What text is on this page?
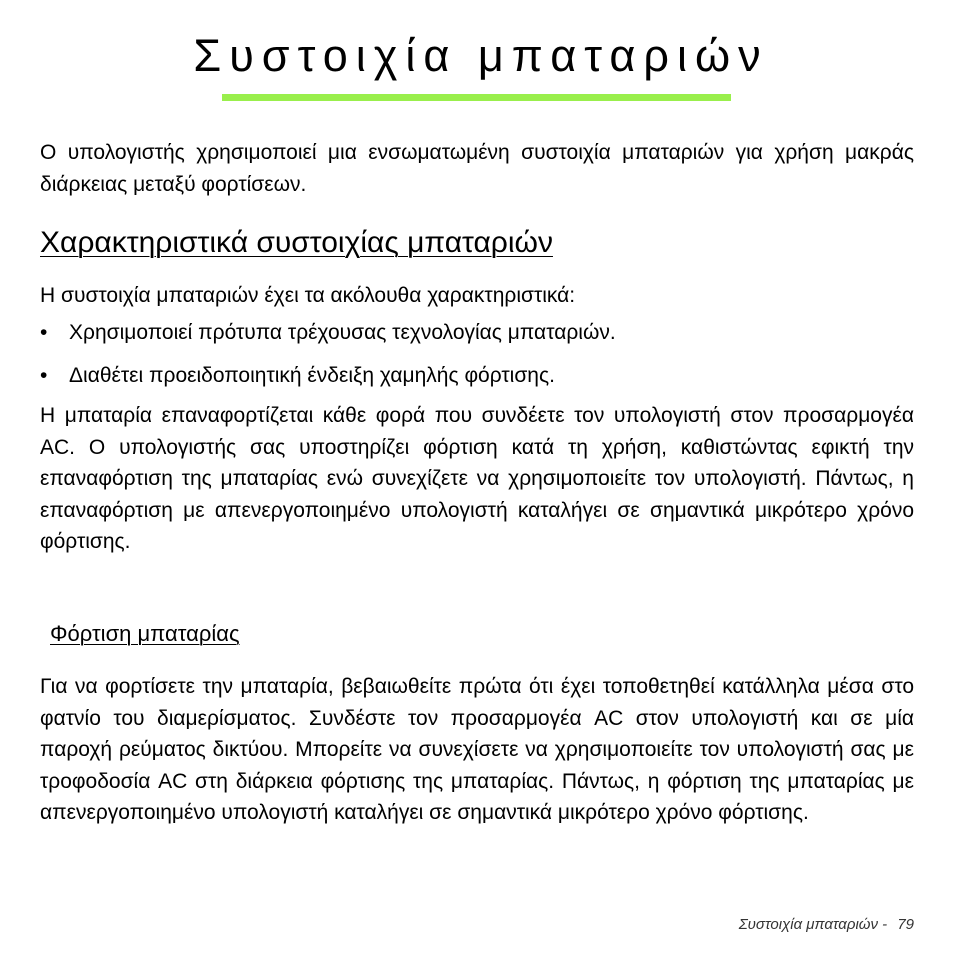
Συστοιχία μπαταριών

Ο υπολογιστής χρησιμοποιεί μια ενσωματωμένη συστοιχία μπαταριών για χρήση μακράς διάρκειας μεταξύ φορτίσεων.

Χαρακτηριστικά συστοιχίας μπαταριών

Η συστοιχία μπαταριών έχει τα ακόλουθα χαρακτηριστικά:

• Χρησιμοποιεί πρότυπα τρέχουσας τεχνολογίας μπαταριών.
• Διαθέτει προειδοποιητική ένδειξη χαμηλής φόρτισης.

Η μπαταρία επαναφορτίζεται κάθε φορά που συνδέετε τον υπολογιστή στον προσαρμογέα AC. Ο υπολογιστής σας υποστηρίζει φόρτιση κατά τη χρήση, καθιστώντας εφικτή την επαναφόρτιση της μπαταρίας ενώ συνεχίζετε να χρησιμοποιείτε τον υπολογιστή. Πάντως, η επαναφόρτιση με απενεργοποιημένο υπολογιστή καταλήγει σε σημαντικά μικρότερο χρόνο φόρτισης.

Φόρτιση μπαταρίας

Για να φορτίσετε την μπαταρία, βεβαιωθείτε πρώτα ότι έχει τοποθετηθεί κατάλληλα μέσα στο φατνίο του διαμερίσματος. Συνδέστε τον προσαρμογέα AC στον υπολογιστή και σε μία παροχή ρεύματος δικτύου. Μπορείτε να συνεχίσετε να χρησιμοποιείτε τον υπολογιστή σας με τροφοδοσία AC στη διάρκεια φόρτισης της μπαταρίας. Πάντως, η φόρτιση της μπαταρίας με απενεργοποιημένο υπολογιστή καταλήγει σε σημαντικά μικρότερο χρόνο φόρτισης.

Συστοιχία μπαταριών - 79
